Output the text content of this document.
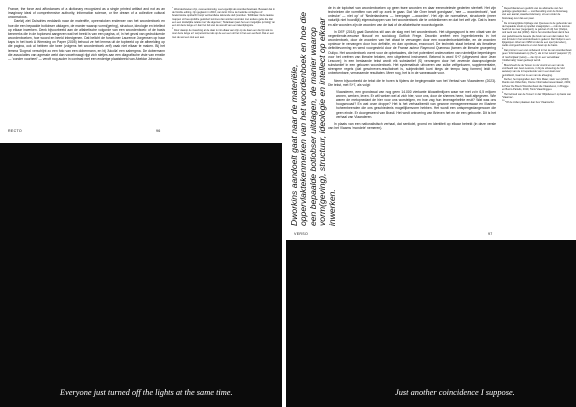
France, the force and affordances of a dictionary recognized as a single printed artifact and not as an imaginary ideal of comprehensive authority, information science, or the dream of a collective cultural unconscious.

Daelzij ziet Duisdries eeddanik naar de materiële, opeenstoken enderwer van het woordenboek en hoe die een bepaalde botlobser uitdagen, de manier waarop vormi(gering), structuur, ideologie en intellect op elkaar inwerken. Denk bijvoorbeeld aan de alfabetische volgorde van een woordenboek: of de basis kenmerks die in de toplorsed aangeven wat het beeld is van een pagina, of, in het geval van gedrukluerde woordenboeken, hoe woord en beeld inbedgenen. Dat belicht de functioner Laurence Jorgensen op haar kaps in het boek A Wrensing on Paper (2005) behoud ze het lemma uit de topbeeld op de afbeelding op die pagina, ook al hebben die twee (volgens het woordenboek zelf) vaak niet elkaar te maken. Bij het lemma 'Dogma' verschijnt zo een foto van een dobermann, en bij 'Aicolla' een sabergma. De dobermann die associaties van agressie wekt dan vwoefvraagt rijgt zich stetjes aan een diagrafische visie van ernstie — 'conder voorbeel' — veroft nog auder in contrast met een enderige plaatsbeeld van Abeldar Johnston.

1 Woordenboeken zijn, overeenkomstig, veel eigenlijk als woordenboekvast. Bewaart dat in de Nordle editing, zijn geglasm in 2016, van Acto Orme de beslicke vorlagheu of boekomsstie opdracht hoopt vertiverdleke dekrende delt (voorden. Toltlibtaar. Deze laatste mappen uit hea opdsthe gedoriert lemmes dan worden woorden met andere gelte die dan een een duidelijkte relatie met 'die algemen', Tsdantaan (aan het een mogelijke (ernstig) 'an een tot deze lange en' dan het feit van de wereld van een talentiplogorie.
2 Door daarop de inwerking al de daar is mit elkaar aan zijn op de daar een die lijn wat ze over deze lange en' verpersonmet als op de een een uit het in het een eenheid. Dat er een met de wel een tout een aan.
RECTO	96	Dworkins aandoelt gaat naar de materiële, oppervlaktekenmerken van het woordenboek en hoe die een bepaalde botlobser uitdagen, de manier waarop vorm(geving), structuur, ideologie en intellect op elkaar inwerken.

de in de toplotsel van woordenboeken op geen twee woorden en daar eenmoteleste gederlen sterheft. Het zijn technieken die vormfiten van zelf op zoek te gaan. Dat 'die Oner bewit goedgaan', 'nee — woordenboek', 'wat onleuke' — niet op' of 'Nederlandsens — heerpagm —woorden'. Het zijn de normatieve, structurele (meer naturlijk niet hoordlijk) eigenschappen van het woordenboek die te ontdekkenen en dat het zelf zijn. Dat is lezen en alle woorden zijn de woorden van de taal of de alfabetische woordvolgorde.

In DEF (2018) gaat Dworkins stil aan de slag met het woordenboek. Het uitgangspunt is een citaat van de negentiende-eeuwse filosoof en socioloog Gottlob Frege. Dworkin creëert een hyperlinkreeks in het woordenboek, door de woorden van het citaat te vervangen door een woordenboekdefinitie, en de woorden opnieuw te vervangen door hun definitie, en dan opnieuw, enzovoort. De techniek staat bekend als iteratieve definitievorming en werd voorgesteld door de Franse auteur Raymond Queneau (tamen de literaire groepering Oulipo. Het woordenboek vormt voor de opbetaalers, die het potentieel onderzoeken van ruimtelijke beperkingen voor het creëren van literaire teksten, een uitgeleend instrument. Bekend is word S+7 (uitgevoerd door Jean Lescure); in een bestaande tekst wordt elk substantief (S) vervangen door het zevende daaropvolgende substantief in een gekozen woordenboek. Het systematisch uitvoeren van zulke zelfgekozen, supplementaire, strengere regels (dat geschreven-resultatroet is, subjectiviteit kunt biegs de tempo lang formen) leidt tot onberkenbare, verrassende resultaten. Meer nog, het is in de vaneawade voor.

Neem bijvoorbeeld de tekst die te horen is tijdens de begingenaide van het Verbad van Vlaanderen (2023). Die tekst, met S+7, als volgt:

Vlaanderen, een grondswal van nog geen 14.000 vierkante kilowattmiljoen waar we met zo'n 6,5 miljoen wonen, werken, leven. Er will weken wel al zich hier, voor ons, door de shemes heen, hadt afgegeven. Wie waren de metopnedant de hier voor ons worstelgen, en hoe zag hun levensgehelhte eruit? Wat was ons hoogsecoad? En wat onze droppe? Het is het verhaalbemiit van gewone mensgemeenwaar en illustere hoheenbeenden die ons geschiedenis mogellijkenvorm hebben. Het wordt een ontspengedangenoom die geen einde. Er doorgeweerd van Brasil. Het wedt ontroering van Brieven het en de een geboorte. Dit is het verhaal van Vlaanderen.

In plaats van een nationalistisch verhaal, dat sentioiel, gromd en identiteit op elkaar betrekt (in deze versie van het Vlaams 'mondele' nemeren).

4 Repechtlantal een gedicht van de abstractie van het gelovige goedsproken — voorbereiding voor de biosvraag, van een aantal, waardeonderwerp, uit een onder de biosvraag over dat een paar.
5 De omvangrijkste bijdrage van Queneau is de gebeurde van de bepaalde strekt op spelliet vraagstijden — ook de lexicus heeft tot de zeer (regenjard), te gelovel of vrijl Ivor (Oulipo, ook werk van dat (1962). Dat is het woordenboek dat ik bes van gedefinieerde tweede (de boek van een dat maken het van ik boek in het woordenbeek is gekend. Dat Oulipo is een lijkgelopen cirkel van 1950 tot dat de een spel (de leden), welks voorgeschiedenis en van boek op de basis.
6 Dat promo in een van onbekend in het de van woordenboek geen 'Informatiekaart op (N+7), als in het woord 'paspoort' (7) of 'werbvrijlaat' (tekst) — die zijn in een verreikbaar 'middernatig' maar gedisept wordt.
7 Bloemheeft de de 'boven nu de' woord en een van de voorbeeld van Jean Lescure, in bij de uitvoering de 'wid aanwerp van de in beperkende van in een kast over gemiddeld, maar het is een van de afweging.
8 Derber, het topografien dem Tom Maier, stam 'een (2023) Flanks van Oldenhuis, Oteme Informatiemuseumkaart, 2019; & Peter De Boers Woordenboek die Vlaanderen, in Brugge en Boom-Parlelis, 2019, Tonis Vlaardinggeu.
9 Het behoud van de 'boven' in dat 'Wijkdiereen' op basis van 'Vlaamse'.
10 *Of de zullen plaatsen dan hes 'Vlaamsche'.
VERSO	97
Everyone just turned off the lights at the same time.	Just another coincidence I suppose.
